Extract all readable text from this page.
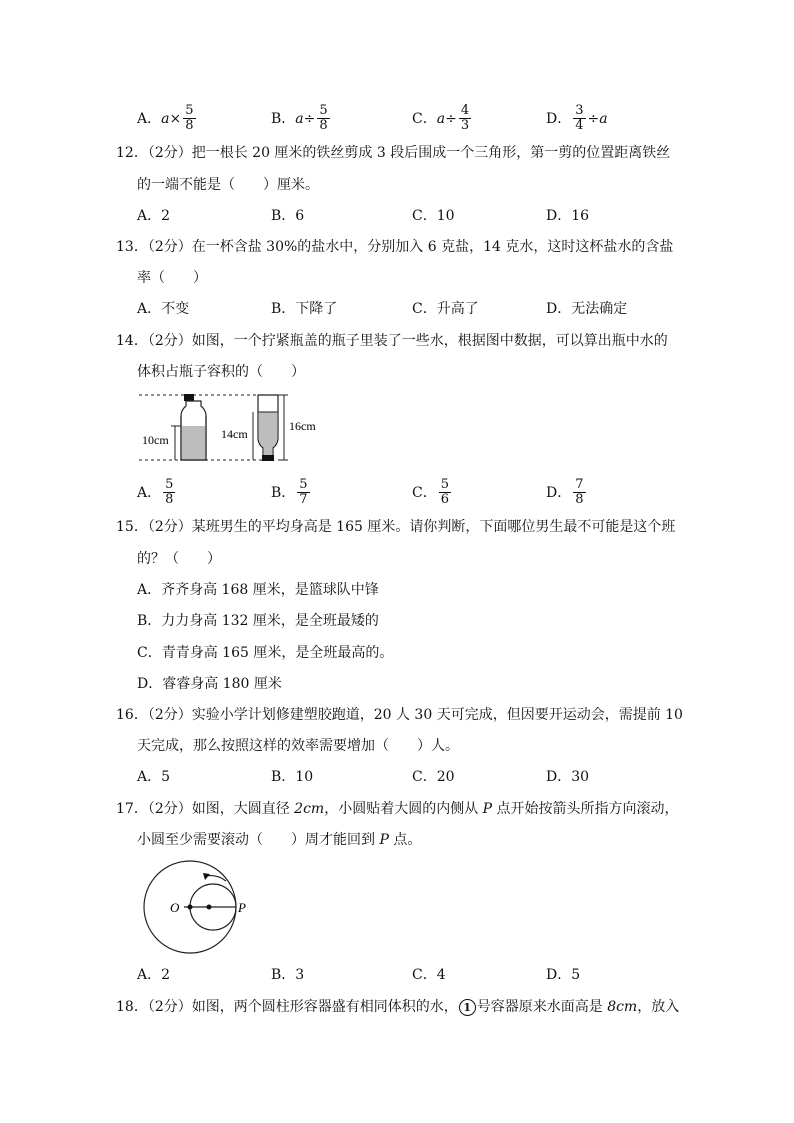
A． $a \times \frac{5}{8}$	B． $a \div \frac{5}{8}$	C． $a \div \frac{4}{3}$	D． $\frac{3}{4} \div a$
12．（2分）把一根长 20 厘米的铁丝剪成 3 段后围成一个三角形，第一剪的位置距离铁丝
的一端不能是（　　）厘米。
A．2	B．6	C．10	D．16
13．（2分）在一杯含盐 30%的盐水中，分别加入 6 克盐，14 克水，这时这杯盐水的含盐
率（　　）
A．不变	B．下降了	C．升高了	D．无法确定
14．（2分）如图，一个拧紧瓶盖的瓶子里装了一些水，根据图中数据，可以算出瓶中水的
体积占瓶子容积的（　　）
10cm	14cm
16cm
A． $\frac{5}{8}$	B． $\frac{5}{7}$	C． $\frac{5}{6}$	D． $\frac{7}{8}$
15．（2分）某班男生的平均身高是 165 厘米。请你判断，下面哪位男生最不可能是这个班
的？（　　）
A．齐齐身高 168 厘米，是篮球队中锋
B．力力身高 132 厘米，是全班最矮的
C．青青身高 165 厘米，是全班最高的。
D．睿睿身高 180 厘米
16．（2分）实验小学计划修建塑胶跑道，20 人 30 天可完成，但因要开运动会，需提前 10
天完成，那么按照这样的效率需要增加（　　）人。
A．5	B．10	C．20	D．30
17．（2分）如图，大圆直径 2cm，小圆贴着大圆的内侧从 P 点开始按箭头所指方向滚动，
小圆至少需要滚动（　　）周才能回到 P 点。
O	P
A．2	B．3	C．4	D．5
18．（2分）如图，两个圆柱形容器盛有相同体积的水， 1 号容器原来水面高是 8cm，放入
